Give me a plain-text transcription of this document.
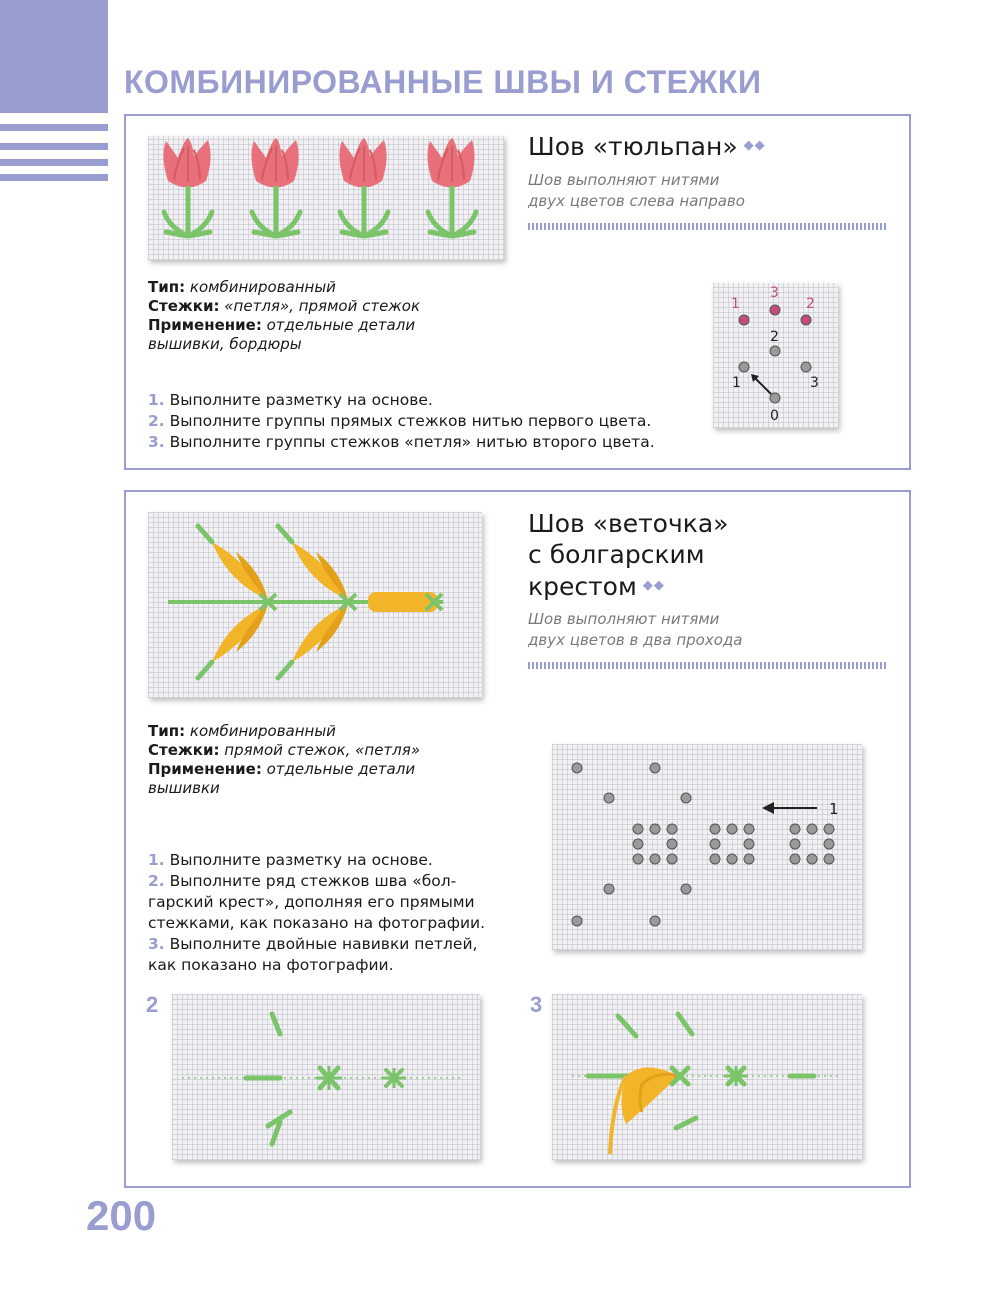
КОМБИНИРОВАННЫЕ ШВЫ И СТЕЖКИ
Шов «тюльпан» ◆◆
Шов выполняют нитями
двух цветов слева направо
Тип: комбинированный
Стежки: «петля», прямой стежок
Применение: отдельные детали
вышивки, бордюры
1. Выполните разметку на основе.
2. Выполните группы прямых стежков нитью первого цвета.
3. Выполните группы стежков «петля» нитью второго цвета.
1
3
2
2
1	3
0
Шов «веточка»
с болгарским
крестом ◆◆
Шов выполняют нитями
двух цветов в два прохода
Тип: комбинированный
Стежки: прямой стежок, «петля»
Применение: отдельные детали
вышивки
1. Выполните разметку на основе.
2. Выполните ряд стежков шва «бол-
гарский крест», дополняя его прямыми
стежками, как показано на фотографии.
3. Выполните двойные навивки петлей,
как показано на фотографии.
1
2	3
200
